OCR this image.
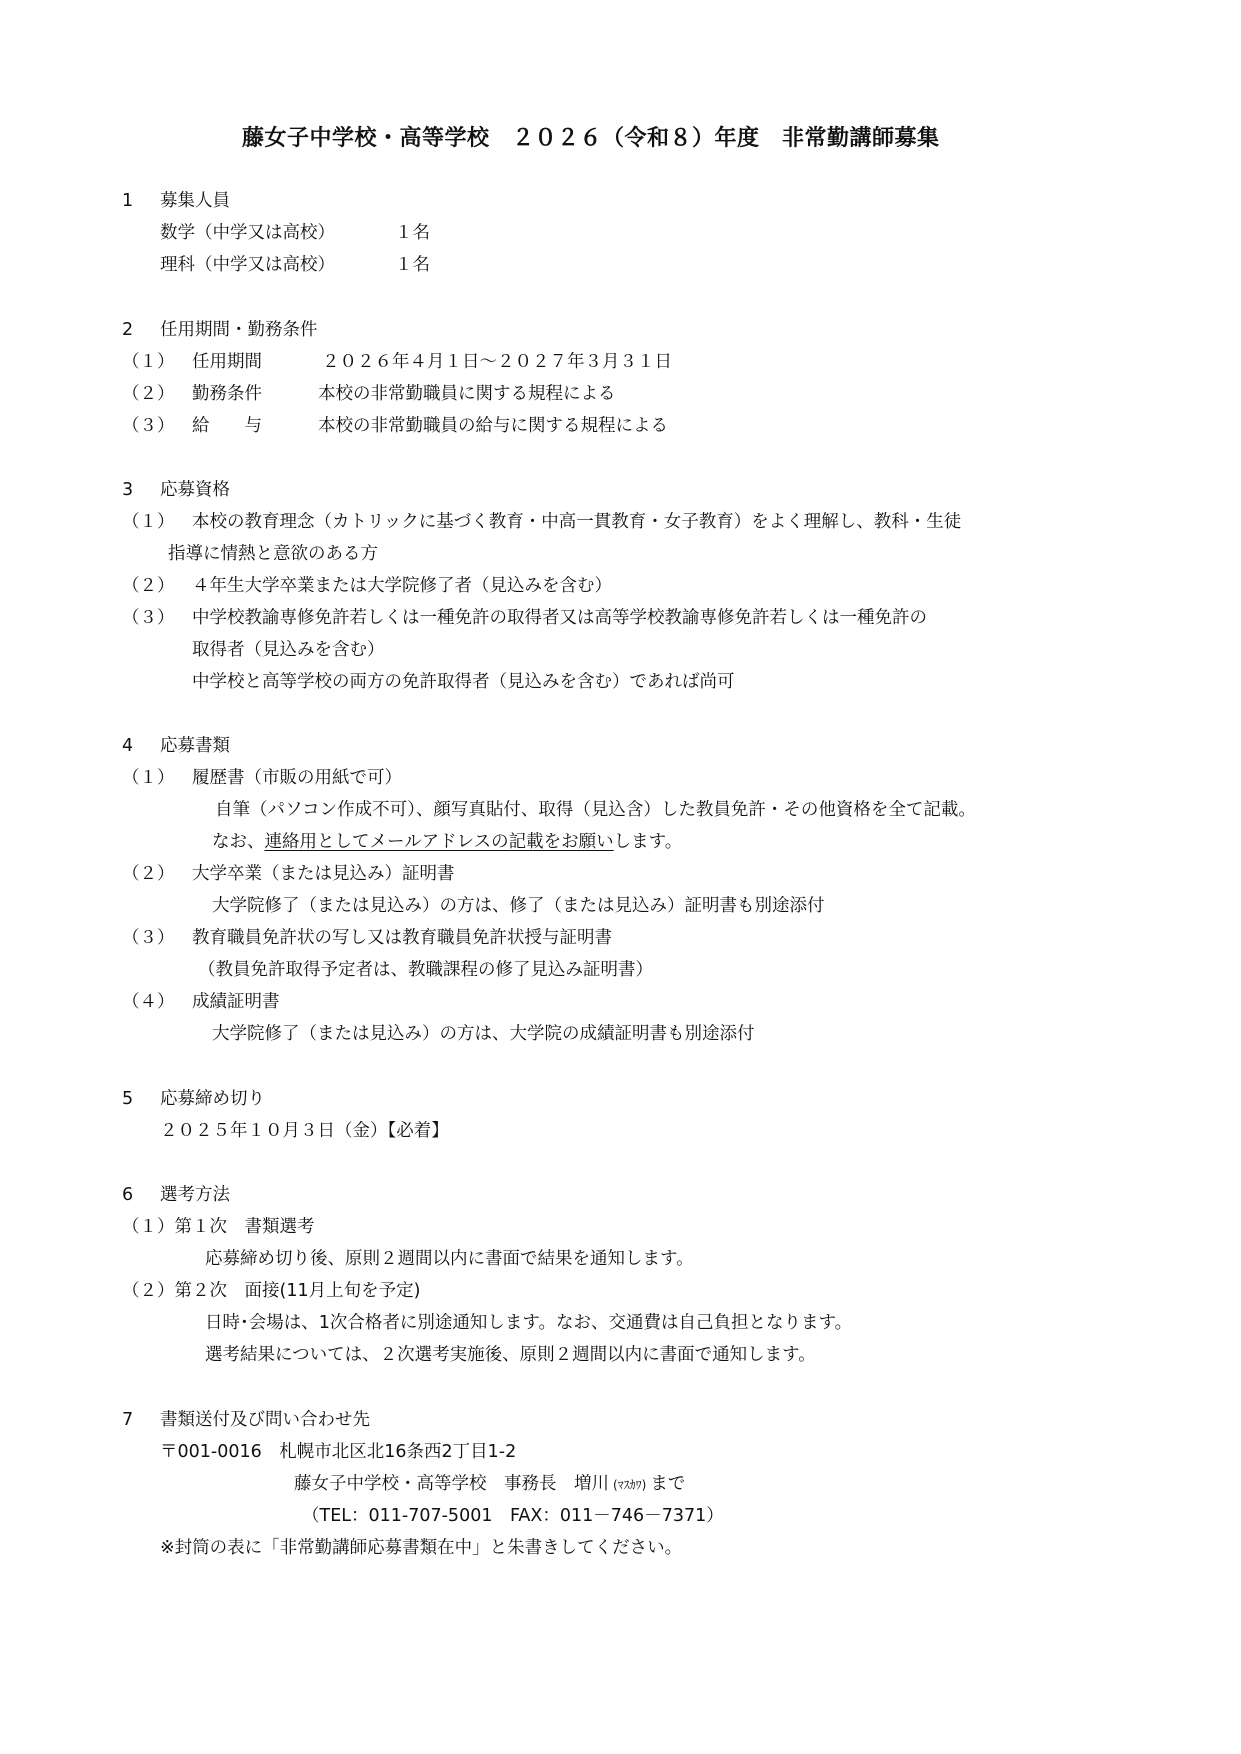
藤女子中学校・高等学校　２０２６（令和８）年度　非常勤講師募集
1 募集人員
数学（中学又は高校）	１名
理科（中学又は高校）	１名
2 任用期間・勤務条件
（１） 任用期間	２０２６年４月１日～２０２７年３月３１日
（２） 勤務条件	本校の非常勤職員に関する規程による
（３） 給　　与	本校の非常勤職員の給与に関する規程による
3 応募資格
（１） 本校の教育理念（カトリックに基づく教育・中高一貫教育・女子教育）をよく理解し、教科・生徒
指導に情熱と意欲のある方
（２） ４年生大学卒業または大学院修了者（見込みを含む）
（３） 中学校教諭専修免許若しくは一種免許の取得者又は高等学校教諭専修免許若しくは一種免許の
取得者（見込みを含む）
中学校と高等学校の両方の免許取得者（見込みを含む）であれば尚可
4 応募書類
（１） 履歴書（市販の用紙で可）
自筆（パソコン作成不可）、顔写真貼付、取得（見込含）した教員免許・その他資格を全て記載。
なお、連絡用としてメールアドレスの記載をお願いします。
（２） 大学卒業（または見込み）証明書
大学院修了（または見込み）の方は、修了（または見込み）証明書も別途添付
（３） 教育職員免許状の写し又は教育職員免許状授与証明書
（教員免許取得予定者は、教職課程の修了見込み証明書）
（４） 成績証明書
大学院修了（または見込み）の方は、大学院の成績証明書も別途添付
5 応募締め切り
２０２５年１０月３日（金）【必着】
6 選考方法
（１）第１次　書類選考
応募締め切り後、原則２週間以内に書面で結果を通知します。
（２）第２次　面接(11月上旬を予定)
日時･会場は、1次合格者に別途通知します。なお、交通費は自己負担となります。
選考結果については、２次選考実施後、原則２週間以内に書面で通知します。
7 書類送付及び問い合わせ先
〒001-0016　札幌市北区北16条西2丁目1-2
藤女子中学校・高等学校　事務長　増川 (ﾏｽｶﾜ) まで
（TEL：011-707-5001　FAX：011－746－7371）
※封筒の表に「非常勤講師応募書類在中」と朱書きしてください。
